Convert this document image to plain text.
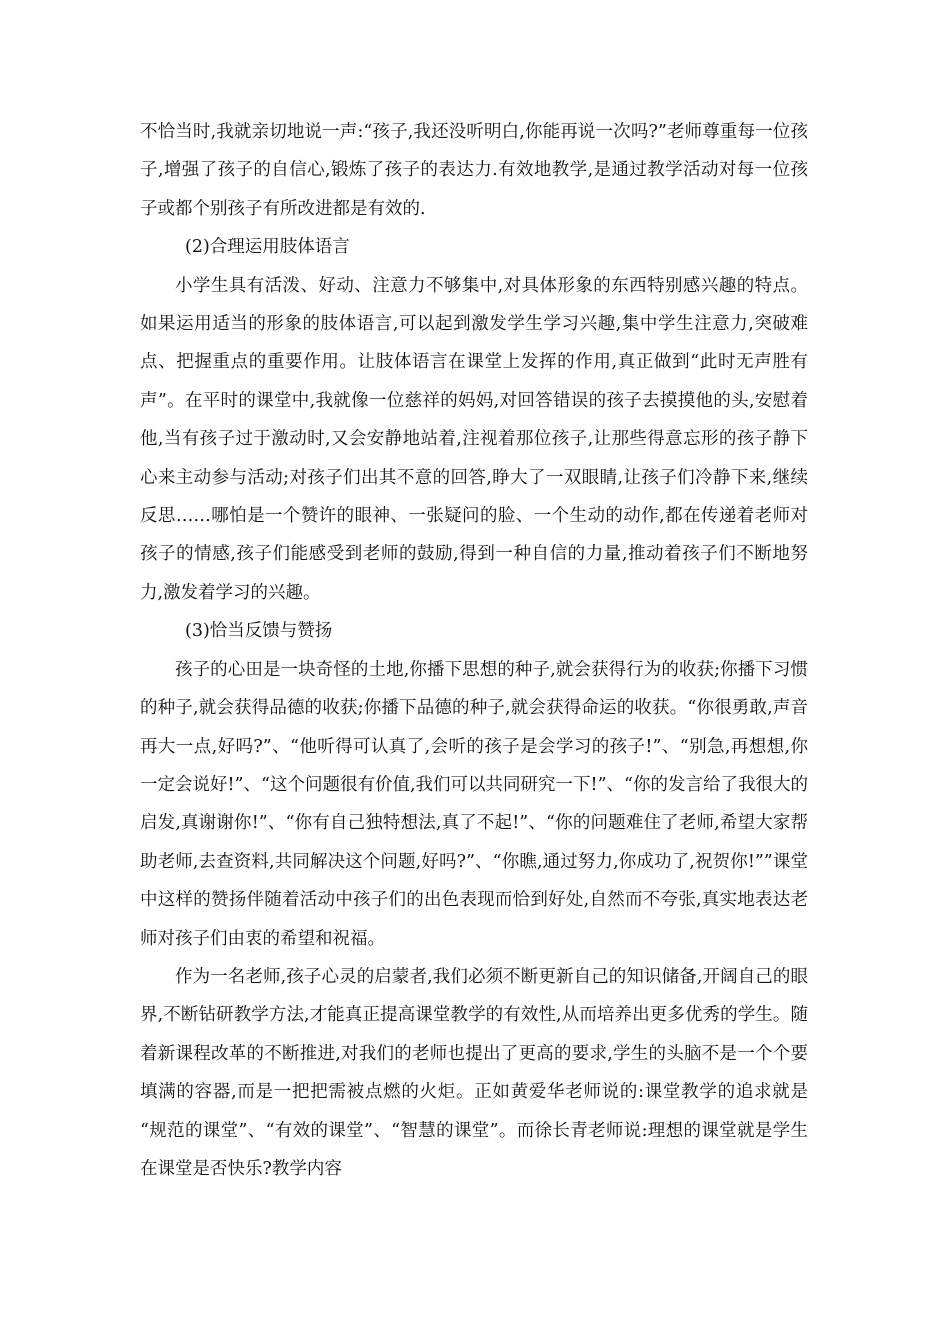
不恰当时,我就亲切地说一声:“孩子,我还没听明白,你能再说一次吗?”老师尊重每一位孩子,增强了孩子的自信心,锻炼了孩子的表达力.有效地教学,是通过教学活动对每一位孩子或都个别孩子有所改进都是有效的.

(2)合理运用肢体语言

小学生具有活泼、好动、注意力不够集中,对具体形象的东西特别感兴趣的特点。如果运用适当的形象的肢体语言,可以起到激发学生学习兴趣,集中学生注意力,突破难点、把握重点的重要作用。让肢体语言在课堂上发挥的作用,真正做到“此时无声胜有声”。在平时的课堂中,我就像一位慈祥的妈妈,对回答错误的孩子去摸摸他的头,安慰着他,当有孩子过于激动时,又会安静地站着,注视着那位孩子,让那些得意忘形的孩子静下心来主动参与活动;对孩子们出其不意的回答,睁大了一双眼睛,让孩子们冷静下来,继续反思……哪怕是一个赞许的眼神、一张疑问的脸、一个生动的动作,都在传递着老师对孩子的情感,孩子们能感受到老师的鼓励,得到一种自信的力量,推动着孩子们不断地努力,激发着学习的兴趣。

(3)恰当反馈与赞扬

孩子的心田是一块奇怪的土地,你播下思想的种子,就会获得行为的收获;你播下习惯的种子,就会获得品德的收获;你播下品德的种子,就会获得命运的收获。“你很勇敢,声音再大一点,好吗?”、“他听得可认真了,会听的孩子是会学习的孩子!”、“别急,再想想,你一定会说好!”、“这个问题很有价值,我们可以共同研究一下!”、“你的发言给了我很大的启发,真谢谢你!”、“你有自己独特想法,真了不起!”、“你的问题难住了老师,希望大家帮助老师,去查资料,共同解决这个问题,好吗?”、“你瞧,通过努力,你成功了,祝贺你!””课堂中这样的赞扬伴随着活动中孩子们的出色表现而恰到好处,自然而不夸张,真实地表达老师对孩子们由衷的希望和祝福。

作为一名老师,孩子心灵的启蒙者,我们必须不断更新自己的知识储备,开阔自己的眼界,不断钻研教学方法,才能真正提高课堂教学的有效性,从而培养出更多优秀的学生。随着新课程改革的不断推进,对我们的老师也提出了更高的要求,学生的头脑不是一个个要填满的容器,而是一把把需被点燃的火炬。正如黄爱华老师说的:课堂教学的追求就是 “规范的课堂”、“有效的课堂”、“智慧的课堂”。而徐长青老师说:理想的课堂就是学生在课堂是否快乐?教学内容
